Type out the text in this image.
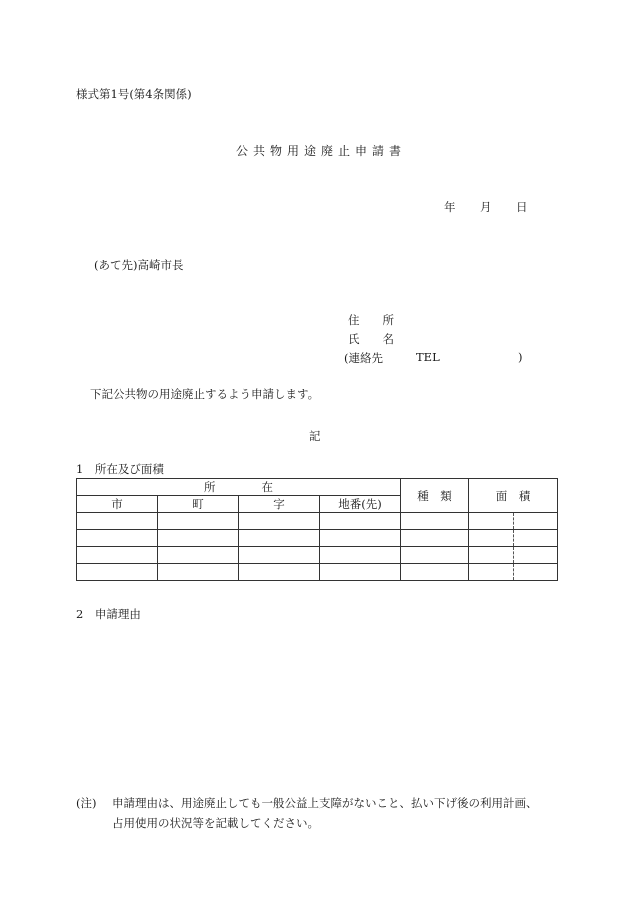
様式第1号(第4条関係)
公共物用途廃止申請書
年 月 日
(あて先)高崎市長
住　　所
氏　　名
(連絡先	TEL	)
下記公共物の用途廃止するよう申請します。
記
1　所在及び面積
所　　　　在				種　類	面　積
市	町	字	地番(先)		

2　申請理由
(注) 申請理由は、用途廃止しても一般公益上支障がないこと、払い下げ後の利用計画、
占用使用の状況等を記載してください。
